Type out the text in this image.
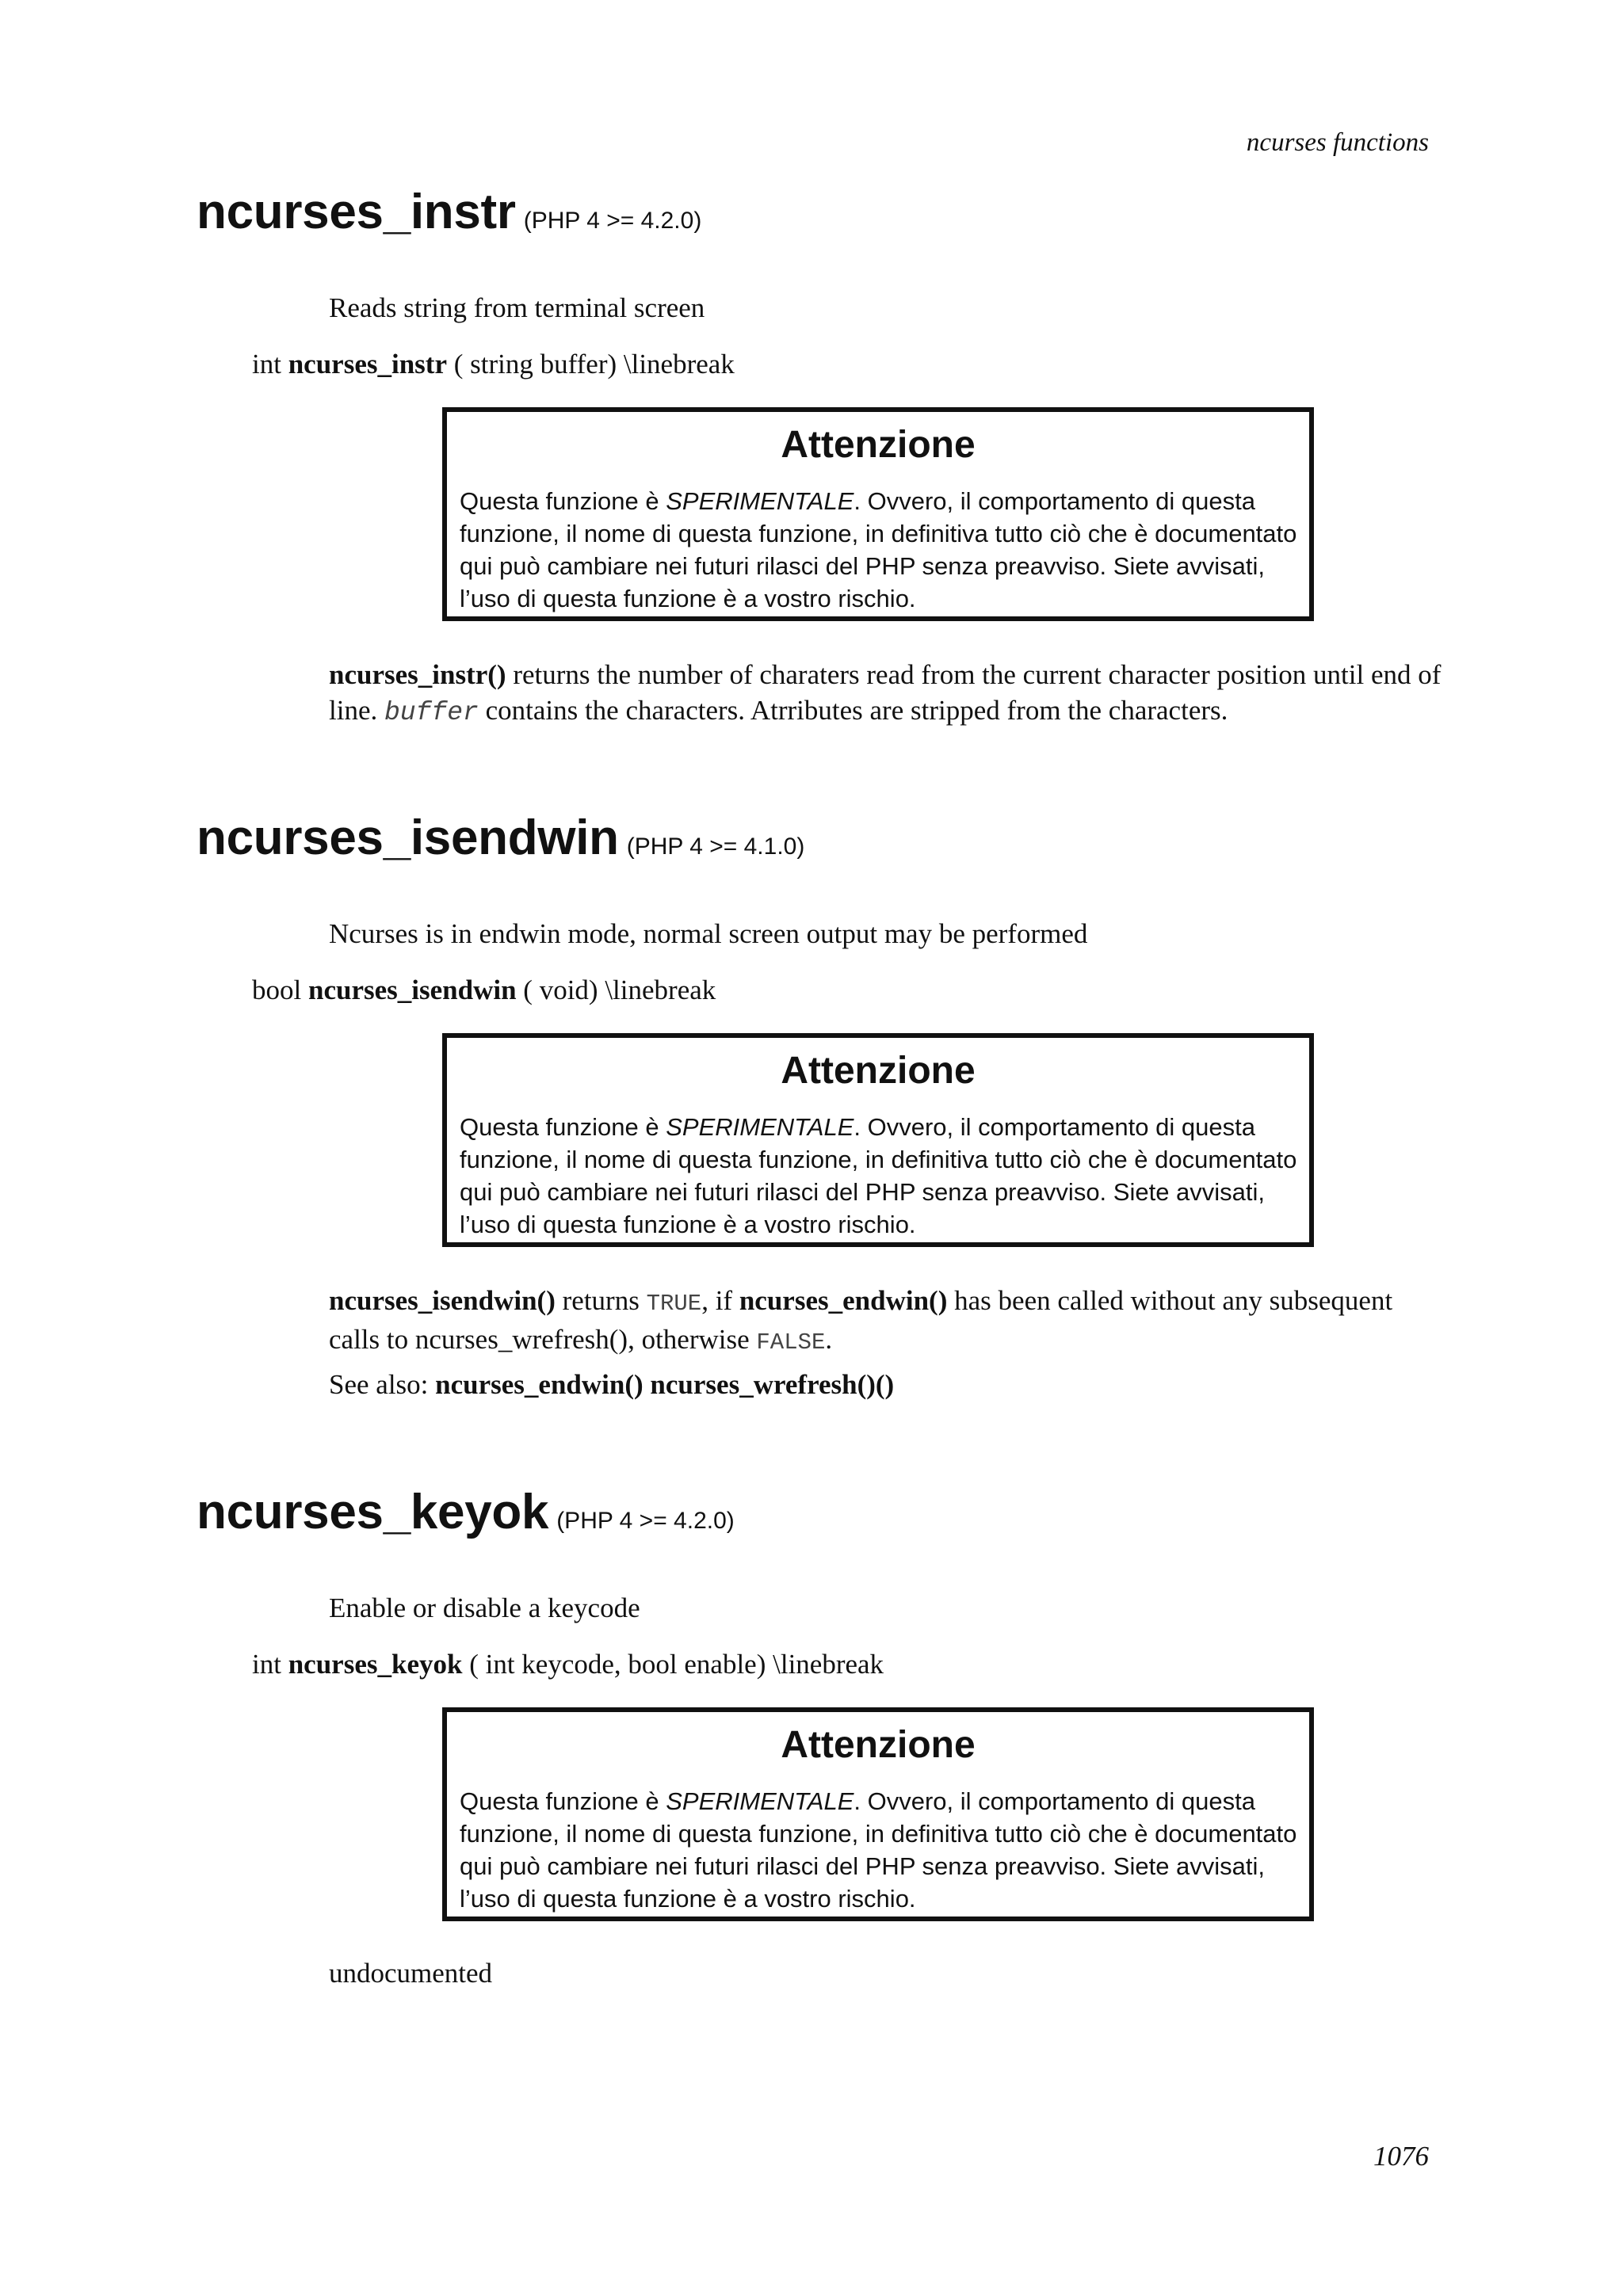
ncurses functions
ncurses_instr (PHP 4 >= 4.2.0)
Reads string from terminal screen
int ncurses_instr ( string buffer) \linebreak
Attenzione
Questa funzione è SPERIMENTALE. Ovvero, il comportamento di questa
funzione, il nome di questa funzione, in definitiva tutto ciò che è documentato
qui può cambiare nei futuri rilasci del PHP senza preavviso. Siete avvisati,
l’uso di questa funzione è a vostro rischio.
ncurses_instr() returns the number of charaters read from the current character position until end of
line. buffer contains the characters. Atrributes are stripped from the characters.
ncurses_isendwin (PHP 4 >= 4.1.0)
Ncurses is in endwin mode, normal screen output may be performed
bool ncurses_isendwin ( void) \linebreak
Attenzione
Questa funzione è SPERIMENTALE. Ovvero, il comportamento di questa
funzione, il nome di questa funzione, in definitiva tutto ciò che è documentato
qui può cambiare nei futuri rilasci del PHP senza preavviso. Siete avvisati,
l’uso di questa funzione è a vostro rischio.
ncurses_isendwin() returns TRUE, if ncurses_endwin() has been called without any subsequent
calls to ncurses_wrefresh(), otherwise FALSE.
See also: ncurses_endwin() ncurses_wrefresh()()
ncurses_keyok (PHP 4 >= 4.2.0)
Enable or disable a keycode
int ncurses_keyok ( int keycode, bool enable) \linebreak
Attenzione
Questa funzione è SPERIMENTALE. Ovvero, il comportamento di questa
funzione, il nome di questa funzione, in definitiva tutto ciò che è documentato
qui può cambiare nei futuri rilasci del PHP senza preavviso. Siete avvisati,
l’uso di questa funzione è a vostro rischio.
undocumented
1076
